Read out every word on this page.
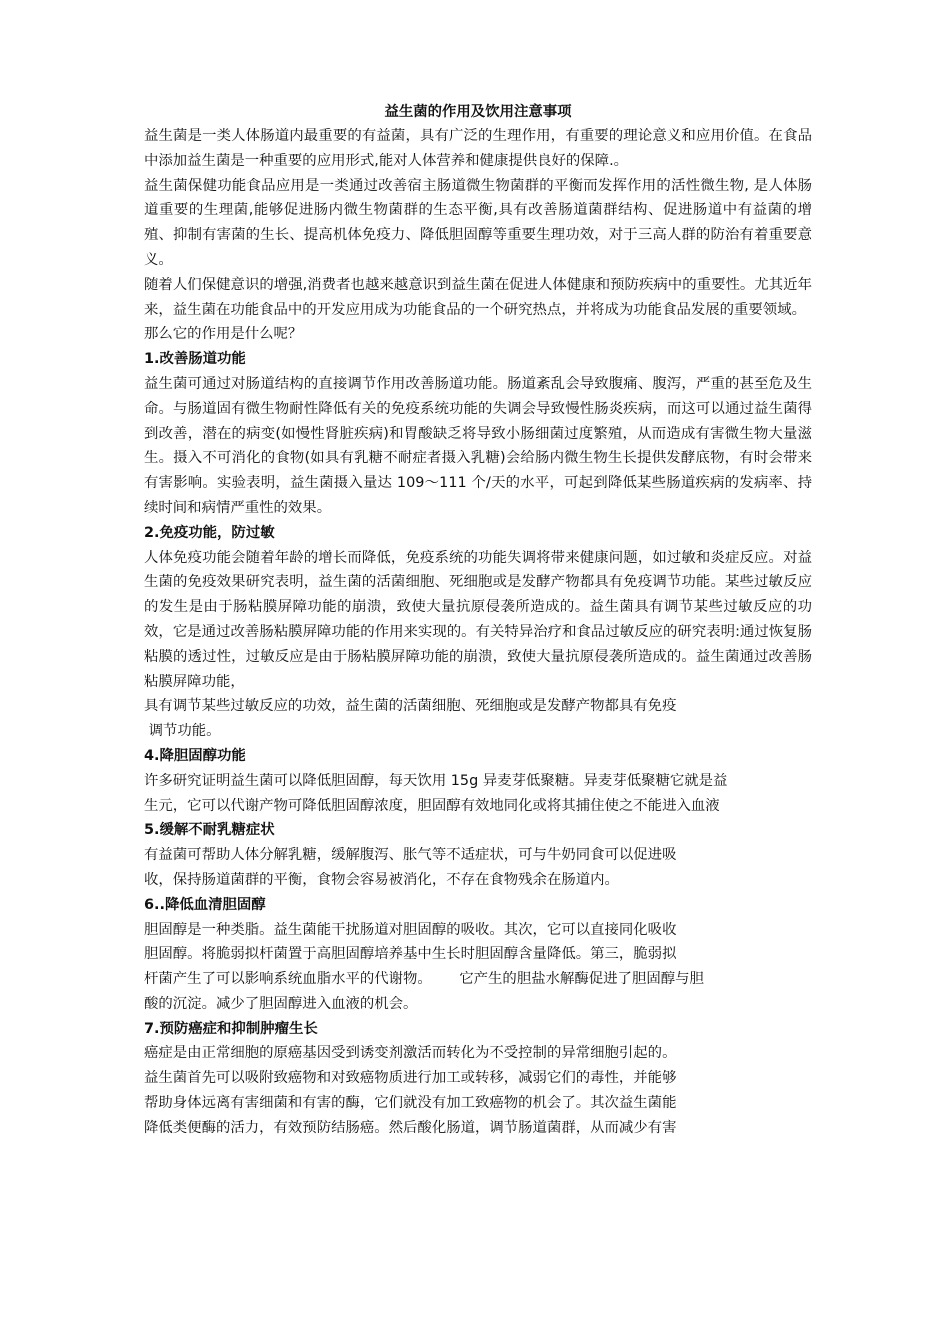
益生菌的作用及饮用注意事项

益生菌是一类人体肠道内最重要的有益菌，具有广泛的生理作用，有重要的理论意义和应用价值。在食品中添加益生菌是一种重要的应用形式,能对人体营养和健康提供良好的保障.。

益生菌保健功能食品应用是一类通过改善宿主肠道微生物菌群的平衡而发挥作用的活性微生物, 是人体肠道重要的生理菌,能够促进肠内微生物菌群的生态平衡,具有改善肠道菌群结构、促进肠道中有益菌的增殖、抑制有害菌的生长、提高机体免疫力、降低胆固醇等重要生理功效，对于三高人群的防治有着重要意义。

随着人们保健意识的增强,消费者也越来越意识到益生菌在促进人体健康和预防疾病中的重要性。尤其近年来，益生菌在功能食品中的开发应用成为功能食品的一个研究热点，并将成为功能食品发展的重要领域。

那么它的作用是什么呢？

1.改善肠道功能

益生菌可通过对肠道结构的直接调节作用改善肠道功能。肠道紊乱会导致腹痛、腹泻，严重的甚至危及生命。与肠道固有微生物耐性降低有关的免疫系统功能的失调会导致慢性肠炎疾病，而这可以通过益生菌得到改善，潜在的病变(如慢性肾脏疾病)和胃酸缺乏将导致小肠细菌过度繁殖，从而造成有害微生物大量滋生。摄入不可消化的食物(如具有乳糖不耐症者摄入乳糖)会给肠内微生物生长提供发酵底物，有时会带来有害影响。实验表明，益生菌摄入量达 109～111 个/天的水平，可起到降低某些肠道疾病的发病率、持续时间和病情严重性的效果。

2.免疫功能，防过敏

人体免疫功能会随着年龄的增长而降低，免疫系统的功能失调将带来健康问题，如过敏和炎症反应。对益生菌的免疫效果研究表明，益生菌的活菌细胞、死细胞或是发酵产物都具有免疫调节功能。某些过敏反应的发生是由于肠粘膜屏障功能的崩溃，致使大量抗原侵袭所造成的。益生菌具有调节某些过敏反应的功效，它是通过改善肠粘膜屏障功能的作用来实现的。有关特异治疗和食品过敏反应的研究表明:通过恢复肠粘膜的透过性，过敏反应是由于肠粘膜屏障功能的崩溃，致使大量抗原侵袭所造成的。益生菌通过改善肠粘膜屏障功能，

具有调节某些过敏反应的功效，益生菌的活菌细胞、死细胞或是发酵产物都具有免疫
调节功能。

4.降胆固醇功能

许多研究证明益生菌可以降低胆固醇，每天饮用 15g 异麦芽低聚糖。异麦芽低聚糖它就是益
生元，它可以代谢产物可降低胆固醇浓度，胆固醇有效地同化或将其捕住使之不能进入血液

5.缓解不耐乳糖症状

有益菌可帮助人体分解乳糖，缓解腹泻、胀气等不适症状，可与牛奶同食可以促进吸
收，保持肠道菌群的平衡，食物会容易被消化，不存在食物残余在肠道内。

6..降低血清胆固醇

胆固醇是一种类脂。益生菌能干扰肠道对胆固醇的吸收。其次，它可以直接同化吸收
胆固醇。将脆弱拟杆菌置于高胆固醇培养基中生长时胆固醇含量降低。第三，脆弱拟
杆菌产生了可以影响系统血脂水平的代谢物。      它产生的胆盐水解酶促进了胆固醇与胆
酸的沉淀。减少了胆固醇进入血液的机会。

7.预防癌症和抑制肿瘤生长

癌症是由正常细胞的原癌基因受到诱变剂激活而转化为不受控制的异常细胞引起的。
益生菌首先可以吸附致癌物和对致癌物质进行加工或转移，减弱它们的毒性，并能够
帮助身体远离有害细菌和有害的酶，它们就没有加工致癌物的机会了。其次益生菌能
降低类便酶的活力，有效预防结肠癌。然后酸化肠道，调节肠道菌群，从而减少有害
